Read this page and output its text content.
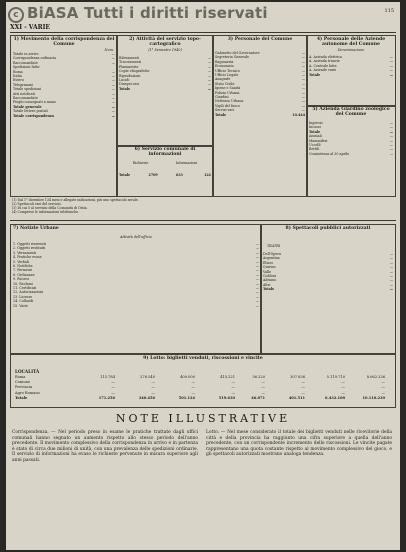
c BiASA Tutti i diritti riservati	115
XXI - VARIE
1) Movimento della corrispondenza del Comune
Num.
Totale in arrivo	—
Corrispondenza ordinaria	—
Raccomandate	—
Spedizioni fatte:
Roma	—
Italia	—
Estero	—
Telegrammi	—
Totale spedizioni	—
Atti notificati	—
Raccomandate	—
Pieghi consegnati a mano	—
Totale generale	—
Totale lettere postali	—
Totale corrispondenza	—
2) Attività del servizio topo-cartografico
(1° Semestre 1940)
Rilevamenti	—
Tracciamenti	—
Planimetrie	—
Copie eliografiche	—
Riproduzioni	—
Lucidi	—
Disegni vari	—
Totale	—
6) Servizio comunale di informazioni
Richieste	Informazioni
Totale	2709	633	122
3) Personale del Comune
Gabinetto del Governatore	—
Segreteria Generale	—
Ragioneria	—
Economato	—
Ufficio Tecnico	—
Ufficio Legale	—
Anagrafe	—
Stato Civile	—
Igiene e Sanità	—
Polizia Urbana	—
Giardini	—
Nettezza Urbana	—
Vigili del fuoco	—
Servizi vari	—
Totale	10.444
4) Personale delle Aziende autonome del Comune
Denominazione
A. Azienda elettrica	—
A. Azienda tranvie	—
A. Centrale latte	—
A. Aziende varie	—
Totale	—
5) Azienda Giardino zoologico del Comune
Ingressi	—
Incassi	—
Totale	—
Animali	—
Mammiferi	—
Uccelli	—
Rettili	—
Consistenza al 30 aprile	—
(1) Dal 1° dicembre 134 mesi e allegate indicazioni, più uno spettacolo serale.
(2) Spettacoli vari del servizio.
(3) Di cui 5 al servizio della Comunità di Ostia.
(4) Comprese le informazioni telefoniche.
7) Notizie Urbane
Attività dell'ufficio
1. Oggetti rinvenuti	—
2. Oggetti restituiti	—
3. Versamenti	—
4. Pratiche evase	—
5. Verbali	—
6. Notifiche	—
7. Permessi	—
8. Ordinanze	—
9. Ricorsi	—
10. Reclami	—
11. Certificati	—
12. Autorizzazioni	—
13. Licenze	—
14. Collaudi	—
15. Varie	—
8) Spettacoli pubblici autorizzati
TEATRI
Dell'Opera	—
Argentina	—
Eliseo	—
Quirino	—
Valle	—
Goldoni	—
Adriano	—
Altri	—
Totale	—
9) Lotto: biglietti venduti, riscossioni e vincite
LOCALITÀ
Roma	115.784	276.540	400.000	415.221	36.220	307.836	5.119.710	8.062.236
Comune	—	—	—	—	—	—	—	—
Provincia	—	—	—	—	—	—	—	—
Agro Romano	—	—	—	—	—	—	—	—
Totale	171.256	340.456	501.124	519.630	46.871	401.511	6.432.108	10.110.230
NOTE ILLUSTRATIVE
Corrispondenza. — Nel periodo preso in esame le pratiche trattate dagli uffici comunali hanno segnato un aumento rispetto allo stesso periodo dell'anno precedente. Il movimento complessivo della corrispondenza in arrivo e in partenza è stato di circa due milioni di unità, con una prevalenza delle spedizioni ordinarie. Il servizio di informazioni ha evaso le richieste pervenute in misura superiore agli anni passati.
Lotto. — Nel mese considerato il totale dei biglietti venduti nelle ricevitorie della città e della provincia ha raggiunto una cifra superiore a quella dell'anno precedente, con un corrispondente incremento delle riscossioni. Le vincite pagate rappresentano una quota costante rispetto al movimento complessivo del gioco, e gli spettacoli autorizzati mostrano analoga tendenza.
